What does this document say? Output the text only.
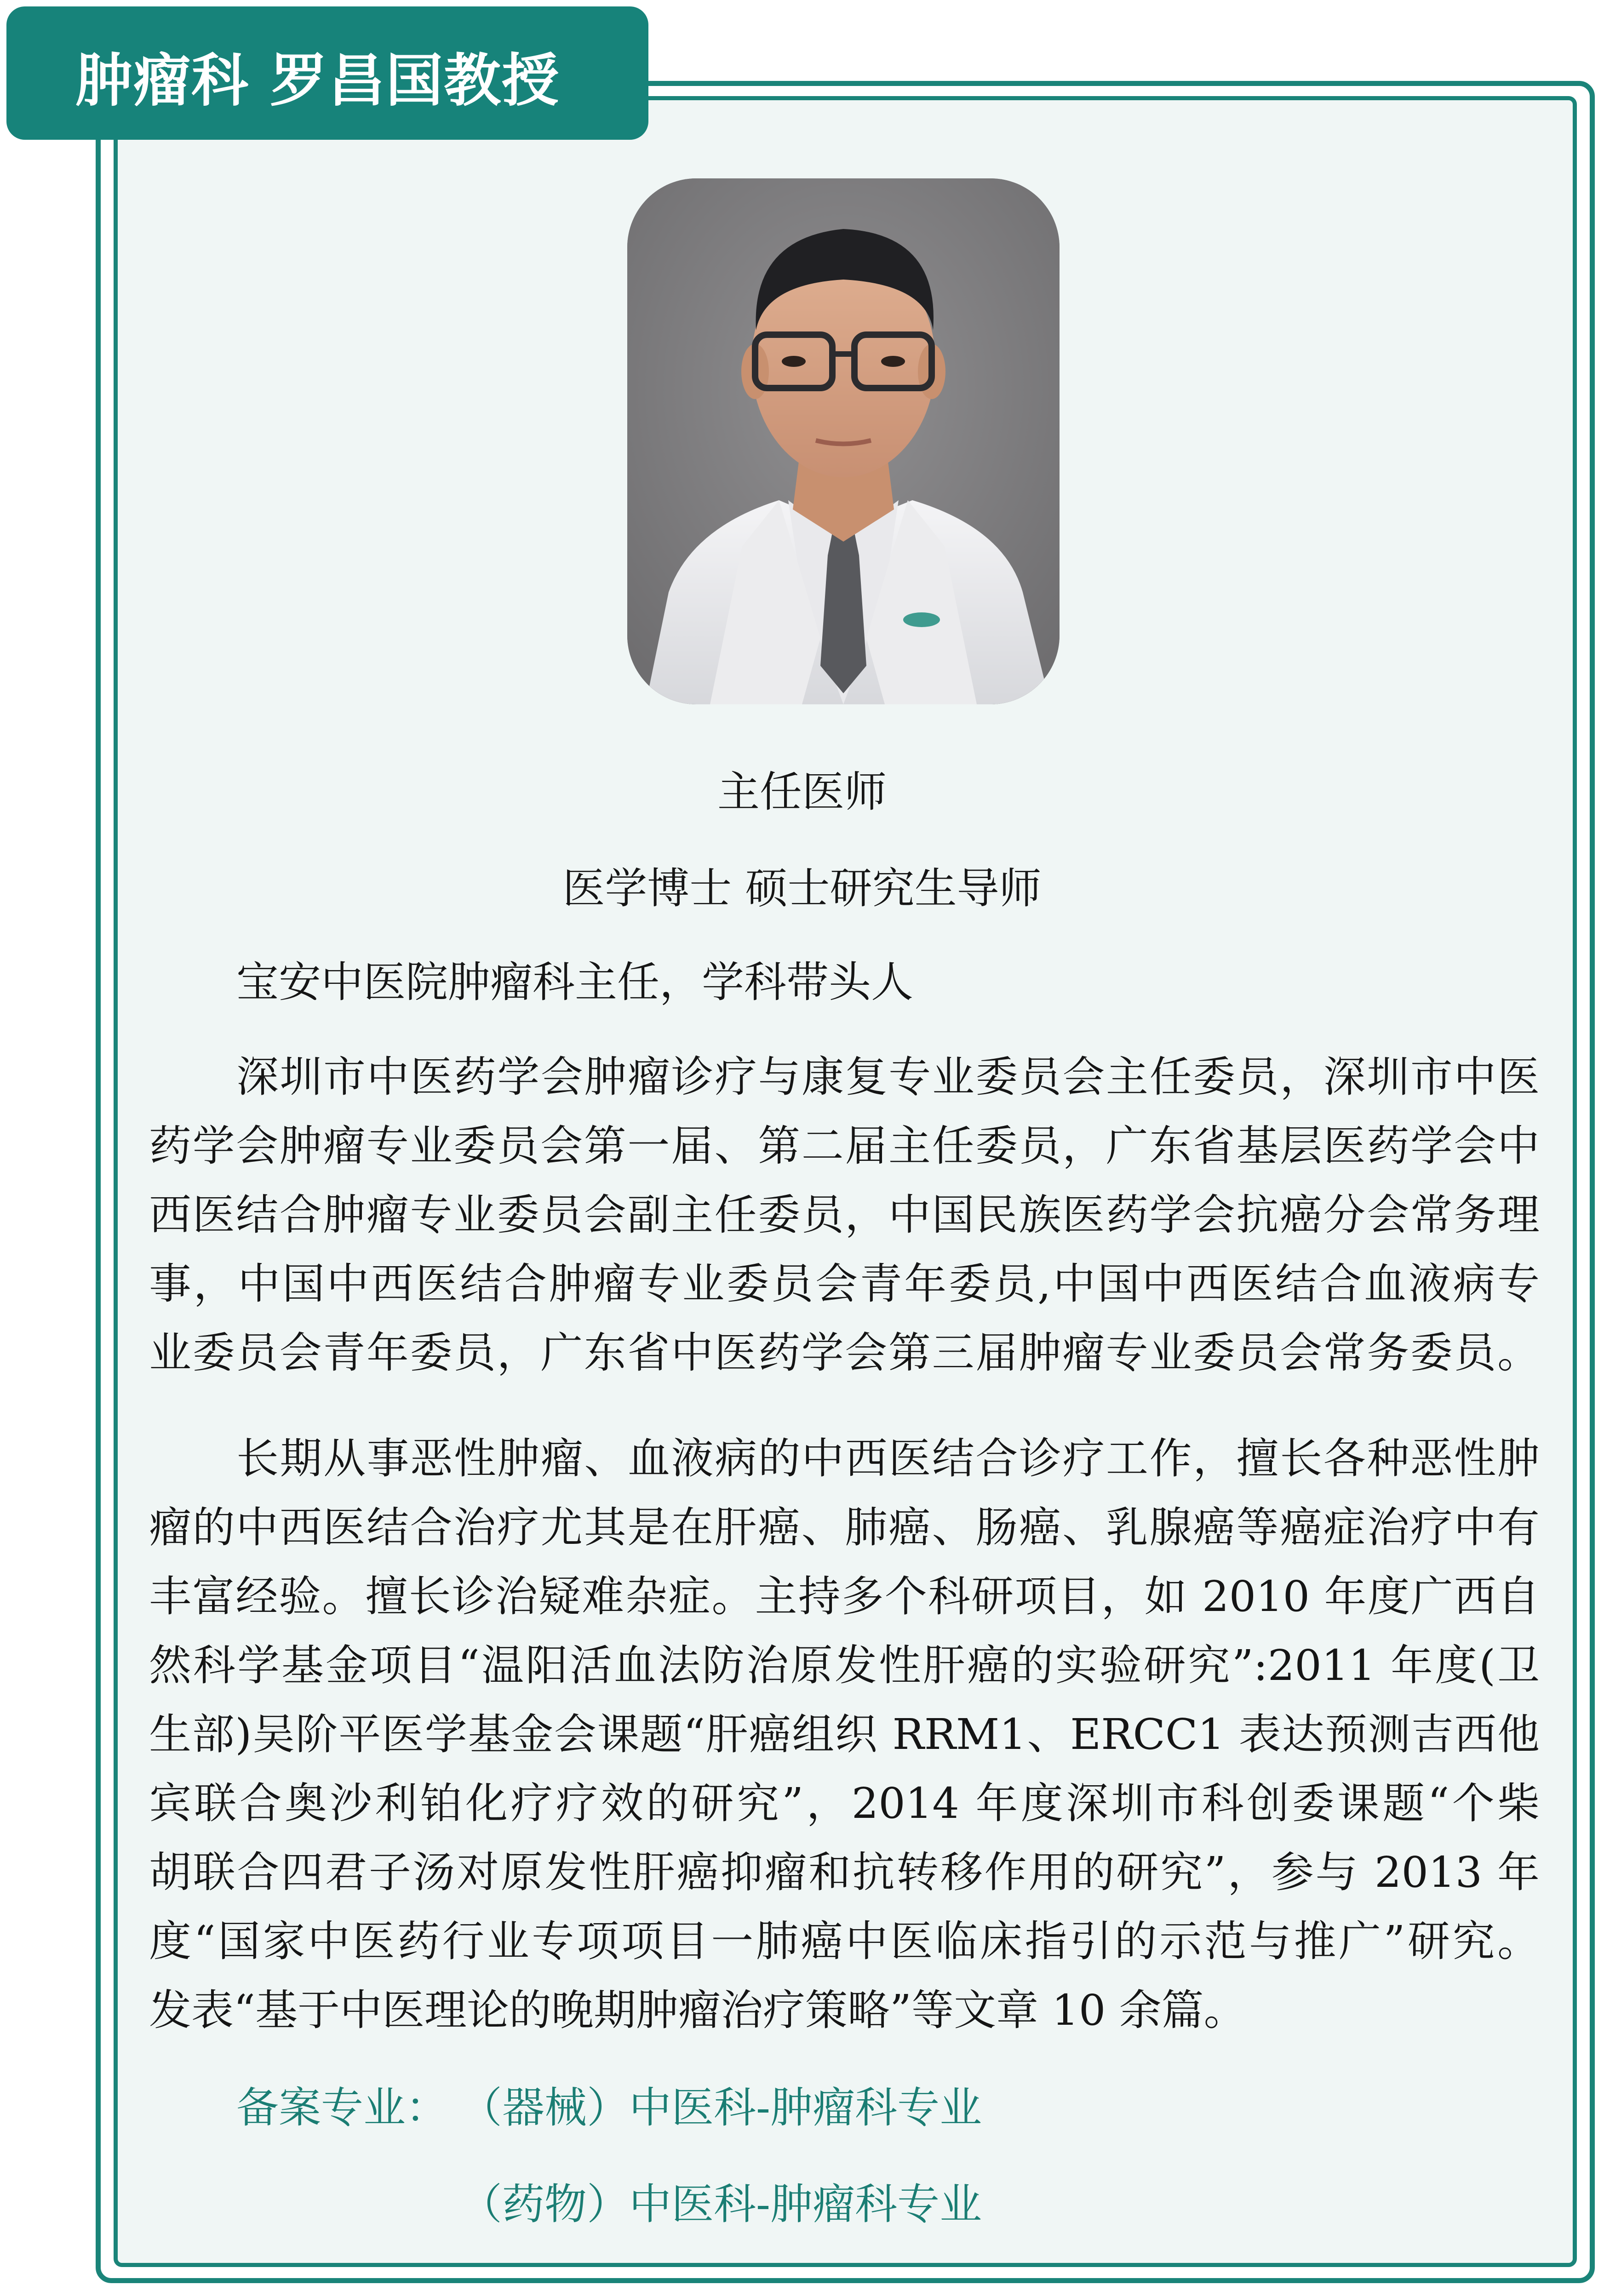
肿瘤科 罗昌国教授
主任医师
医学博士 硕士研究生导师
宝安中医院肿瘤科主任，学科带头人
深圳市中医药学会肿瘤诊疗与康复专业委员会主任委员，深圳市中医
药学会肿瘤专业委员会第一届、第二届主任委员，广东省基层医药学会中
西医结合肿瘤专业委员会副主任委员，中国民族医药学会抗癌分会常务理
事，中国中西医结合肿瘤专业委员会青年委员,中国中西医结合血液病专
业委员会青年委员，广东省中医药学会第三届肿瘤专业委员会常务委员。
长期从事恶性肿瘤、血液病的中西医结合诊疗工作，擅长各种恶性肿
瘤的中西医结合治疗尤其是在肝癌、肺癌、肠癌、乳腺癌等癌症治疗中有
丰富经验。擅长诊治疑难杂症。主持多个科研项目，如 2010 年度广西自
然科学基金项目“温阳活血法防治原发性肝癌的实验研究”:2011 年度(卫
生部)吴阶平医学基金会课题“肝癌组织 RRM1、ERCC1 表达预测吉西他
宾联合奥沙利铂化疗疗效的研究”，2014 年度深圳市科创委课题“个柴
胡联合四君子汤对原发性肝癌抑瘤和抗转移作用的研究”，参与 2013 年
度“国家中医药行业专项项目一肺癌中医临床指引的示范与推广”研究。
发表“基于中医理论的晚期肿瘤治疗策略”等文章 10 余篇。
备案专业： （器械）中医科-肿瘤科专业
（药物）中医科-肿瘤科专业
